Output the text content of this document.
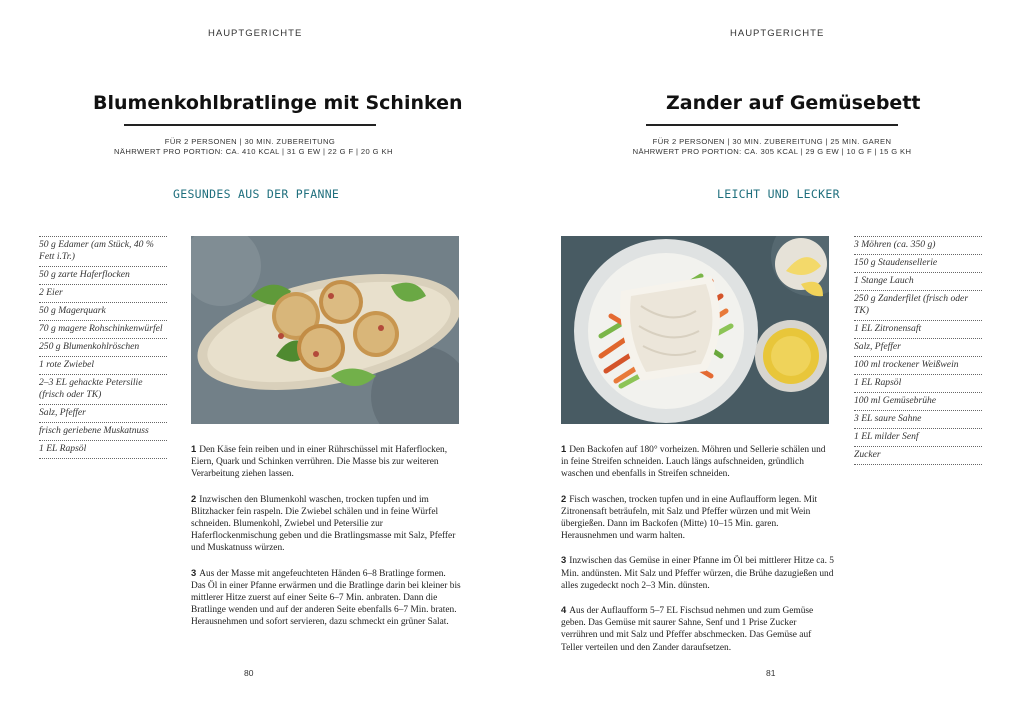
HAUPTGERICHTE
Blumenkohlbratlinge mit Schinken
FÜR 2 PERSONEN | 30 MIN. ZUBEREITUNG
NÄHRWERT PRO PORTION: CA. 410 KCAL | 31 G EW | 22 G F | 20 G KH
GESUNDES AUS DER PFANNE
50 g Edamer (am Stück, 40 % Fett i.Tr.)
50 g zarte Haferflocken
2 Eier
50 g Magerquark
70 g magere Rohschinkenwürfel
250 g Blumenkohlröschen
1 rote Zwiebel
2–3 EL gehackte Petersilie (frisch oder TK)
Salz, Pfeffer
frisch geriebene Muskatnuss
1 EL Rapsöl	1 Den Käse fein reiben und in einer Rührschüssel mit Haferflocken, Eiern, Quark und Schinken verrühren. Die Masse bis zur weiteren Verarbeitung ziehen lassen.

2 Inzwischen den Blumenkohl waschen, trocken tupfen und im Blitzhacker fein raspeln. Die Zwiebel schälen und in feine Würfel schneiden. Blumenkohl, Zwiebel und Petersilie zur Haferflockenmischung geben und die Bratlingsmasse mit Salz, Pfeffer und Muskatnuss würzen.

3 Aus der Masse mit angefeuchteten Händen 6–8 Bratlinge formen. Das Öl in einer Pfanne erwärmen und die Bratlinge darin bei kleiner bis mittlerer Hitze zuerst auf einer Seite 6–7 Min. anbraten. Dann die Bratlinge wenden und auf der anderen Seite ebenfalls 6–7 Min. braten. Herausnehmen und sofort servieren, dazu schmeckt ein grüner Salat.

80
HAUPTGERICHTE
Zander auf Gemüsebett
FÜR 2 PERSONEN | 30 MIN. ZUBEREITUNG | 25 MIN. GAREN
NÄHRWERT PRO PORTION: CA. 305 KCAL | 29 G EW | 10 G F | 15 G KH
LEICHT UND LECKER
3 Möhren (ca. 350 g)
150 g Staudensellerie
1 Stange Lauch
250 g Zanderfilet (frisch oder TK)
1 EL Zitronensaft
Salz, Pfeffer
100 ml trockener Weißwein
1 EL Rapsöl
100 ml Gemüsebrühe
3 EL saure Sahne
1 EL milder Senf
Zucker

1 Den Backofen auf 180° vorheizen. Möhren und Sellerie schälen und in feine Streifen schneiden. Lauch längs aufschneiden, gründlich waschen und ebenfalls in Streifen schneiden.

2 Fisch waschen, trocken tupfen und in eine Auflaufform legen. Mit Zitronensaft beträufeln, mit Salz und Pfeffer würzen und mit Wein übergießen. Dann im Backofen (Mitte) 10–15 Min. garen. Herausnehmen und warm halten.

3 Inzwischen das Gemüse in einer Pfanne im Öl bei mittlerer Hitze ca. 5 Min. andünsten. Mit Salz und Pfeffer würzen, die Brühe dazugießen und alles zugedeckt noch 2–3 Min. dünsten.

4 Aus der Auflaufform 5–7 EL Fischsud nehmen und zum Gemüse geben. Das Gemüse mit saurer Sahne, Senf und 1 Prise Zucker verrühren und mit Salz und Pfeffer abschmecken. Das Gemüse auf Teller verteilen und den Zander daraufsetzen.

81
